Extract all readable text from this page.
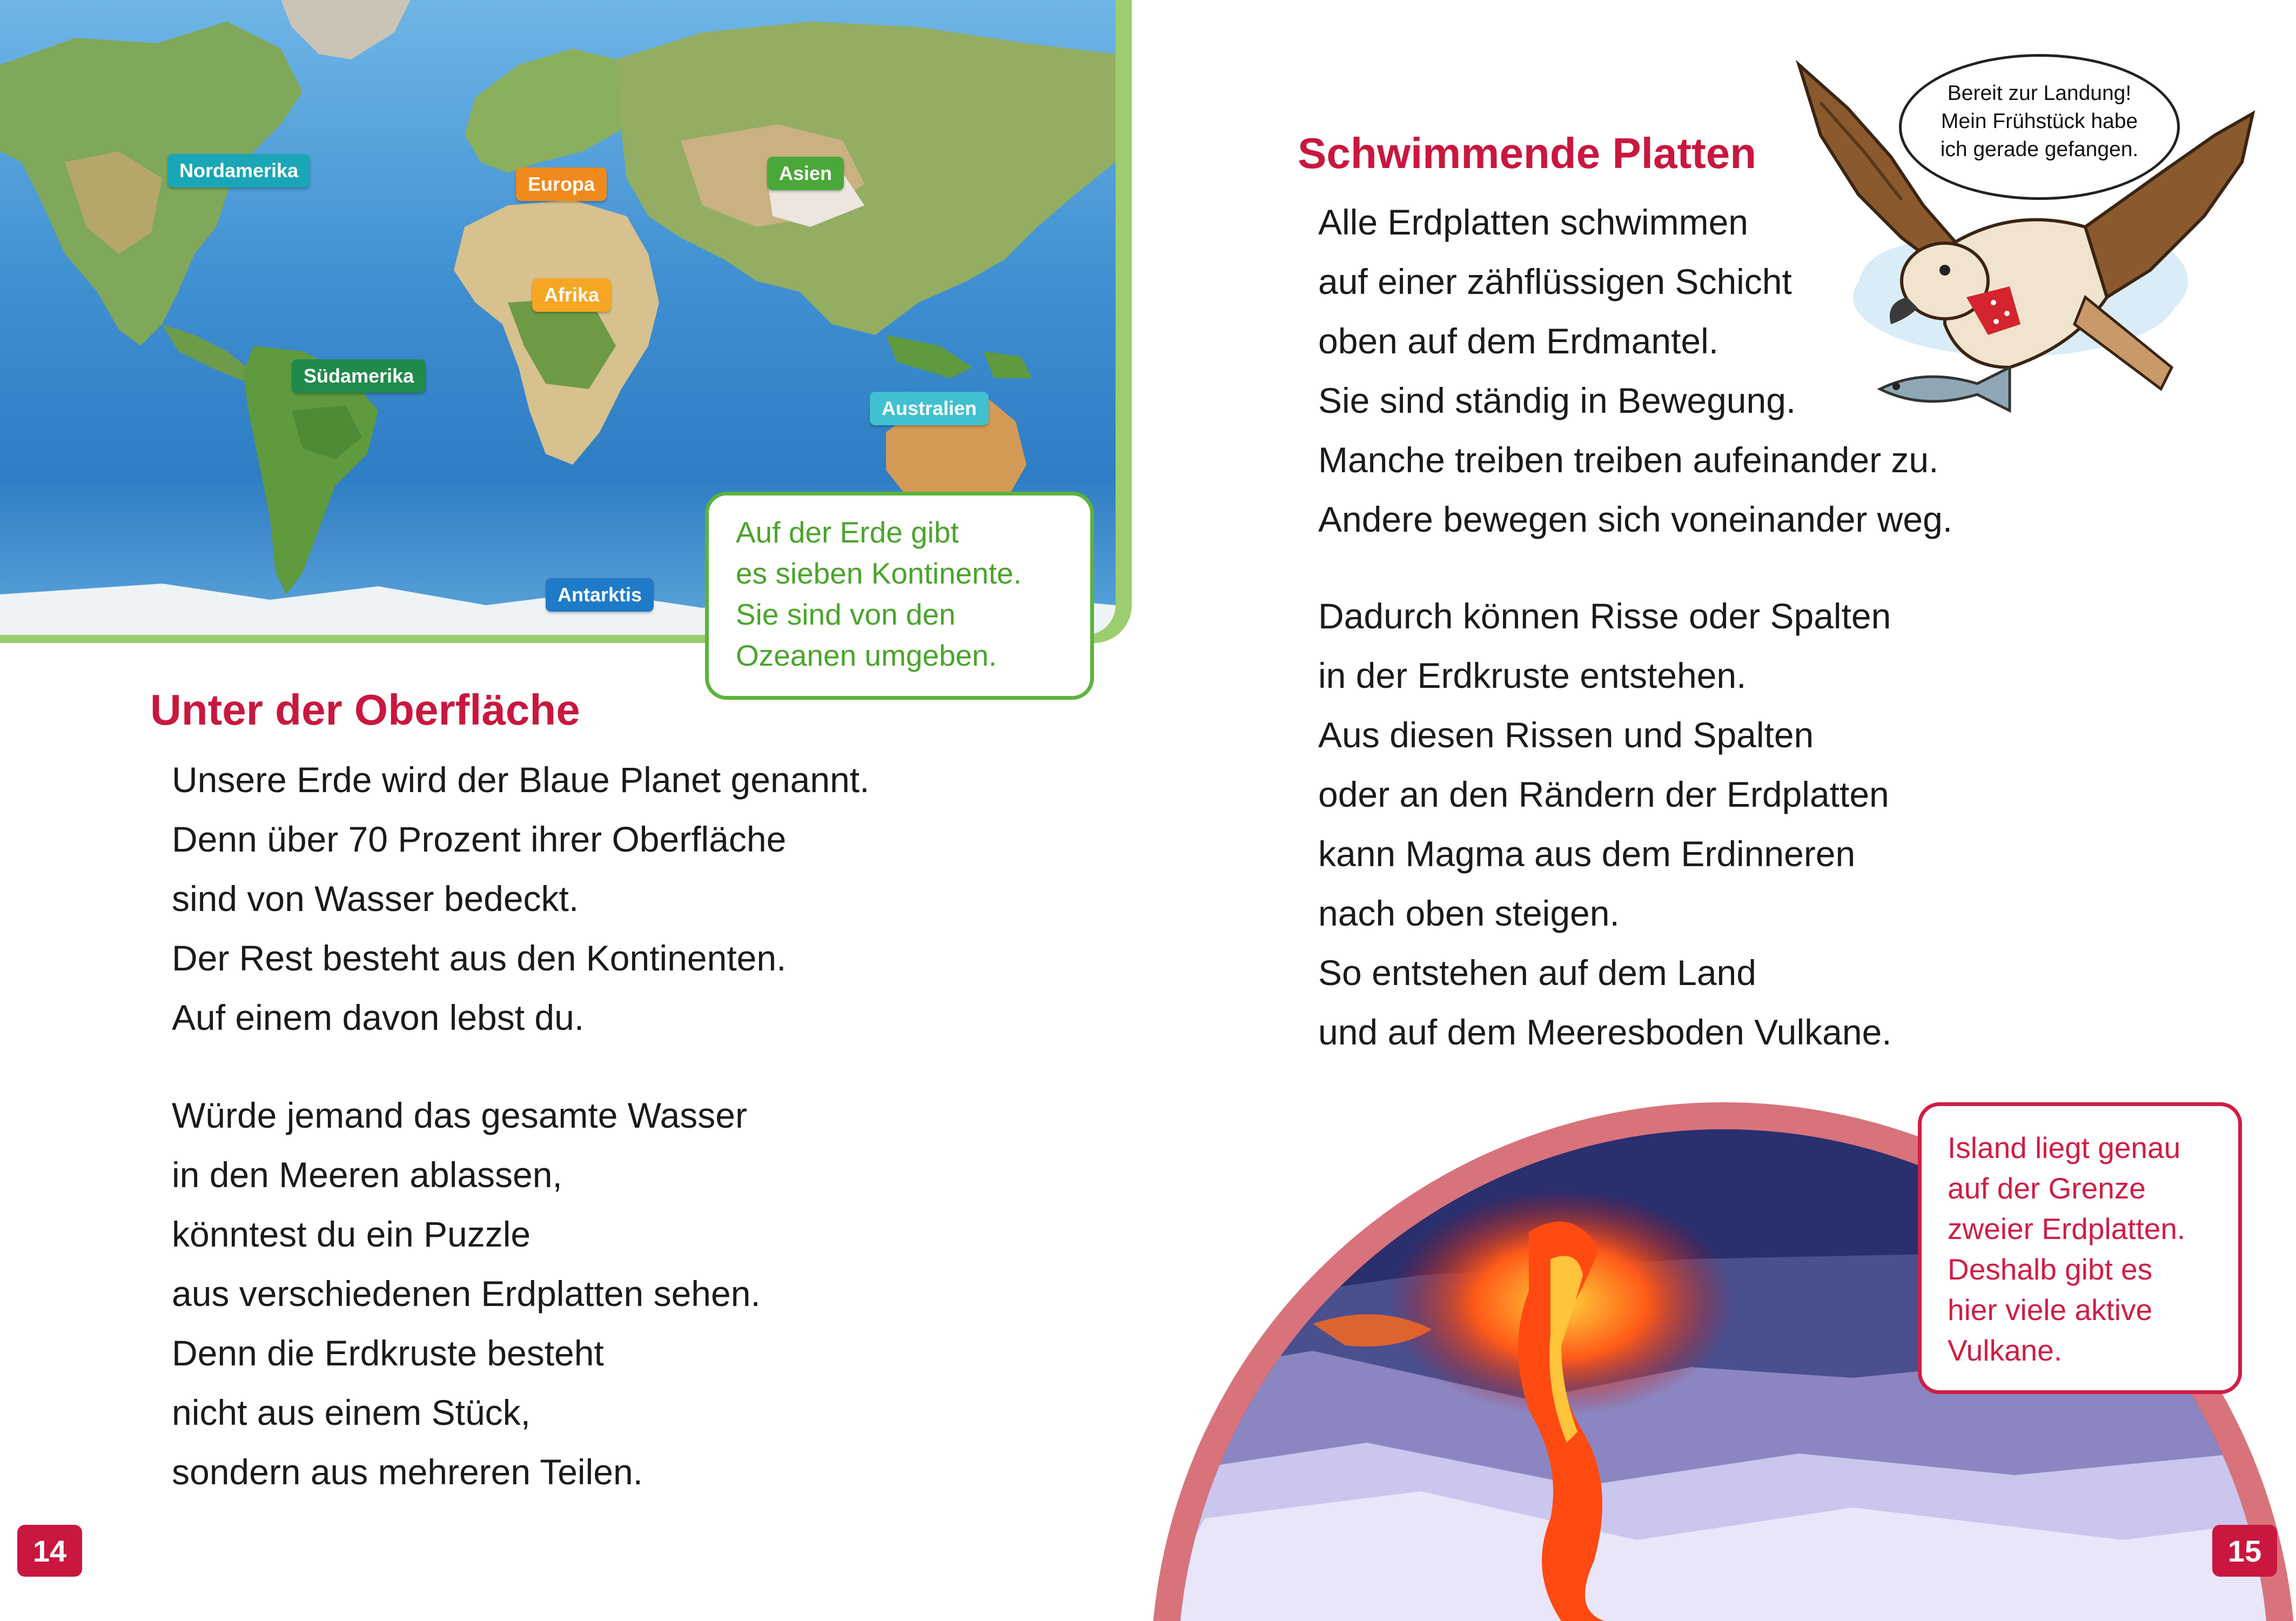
Nordamerika
Europa	Asien
Afrika
Südamerika
Australien
Antarktis
Auf der Erde gibt
es sieben Kontinente.
Sie sind von den
Ozeanen umgeben.
Unter der Oberfläche
Unsere Erde wird der Blaue Planet genannt.
Denn über 70 Prozent ihrer Oberfläche
sind von Wasser bedeckt.
Der Rest besteht aus den Kontinenten.
Auf einem davon lebst du.
Würde jemand das gesamte Wasser
in den Meeren ablassen,
könntest du ein Puzzle
aus verschiedenen Erdplatten sehen.
Denn die Erdkruste besteht
nicht aus einem Stück,
sondern aus mehreren Teilen.
14
Schwimmende Platten
Alle Erdplatten schwimmen
auf einer zähflüssigen Schicht
oben auf dem Erdmantel.
Sie sind ständig in Bewegung.
Manche treiben treiben aufeinander zu.
Andere bewegen sich voneinander weg.
Dadurch können Risse oder Spalten
in der Erdkruste entstehen.
Aus diesen Rissen und Spalten
oder an den Rändern der Erdplatten
kann Magma aus dem Erdinneren
nach oben steigen.
So entstehen auf dem Land
und auf dem Meeresboden Vulkane.
Bereit zur Landung!
Mein Frühstück habe
ich gerade gefangen.
Island liegt genau
auf der Grenze
zweier Erdplatten.
Deshalb gibt es
hier viele aktive
Vulkane.
15
